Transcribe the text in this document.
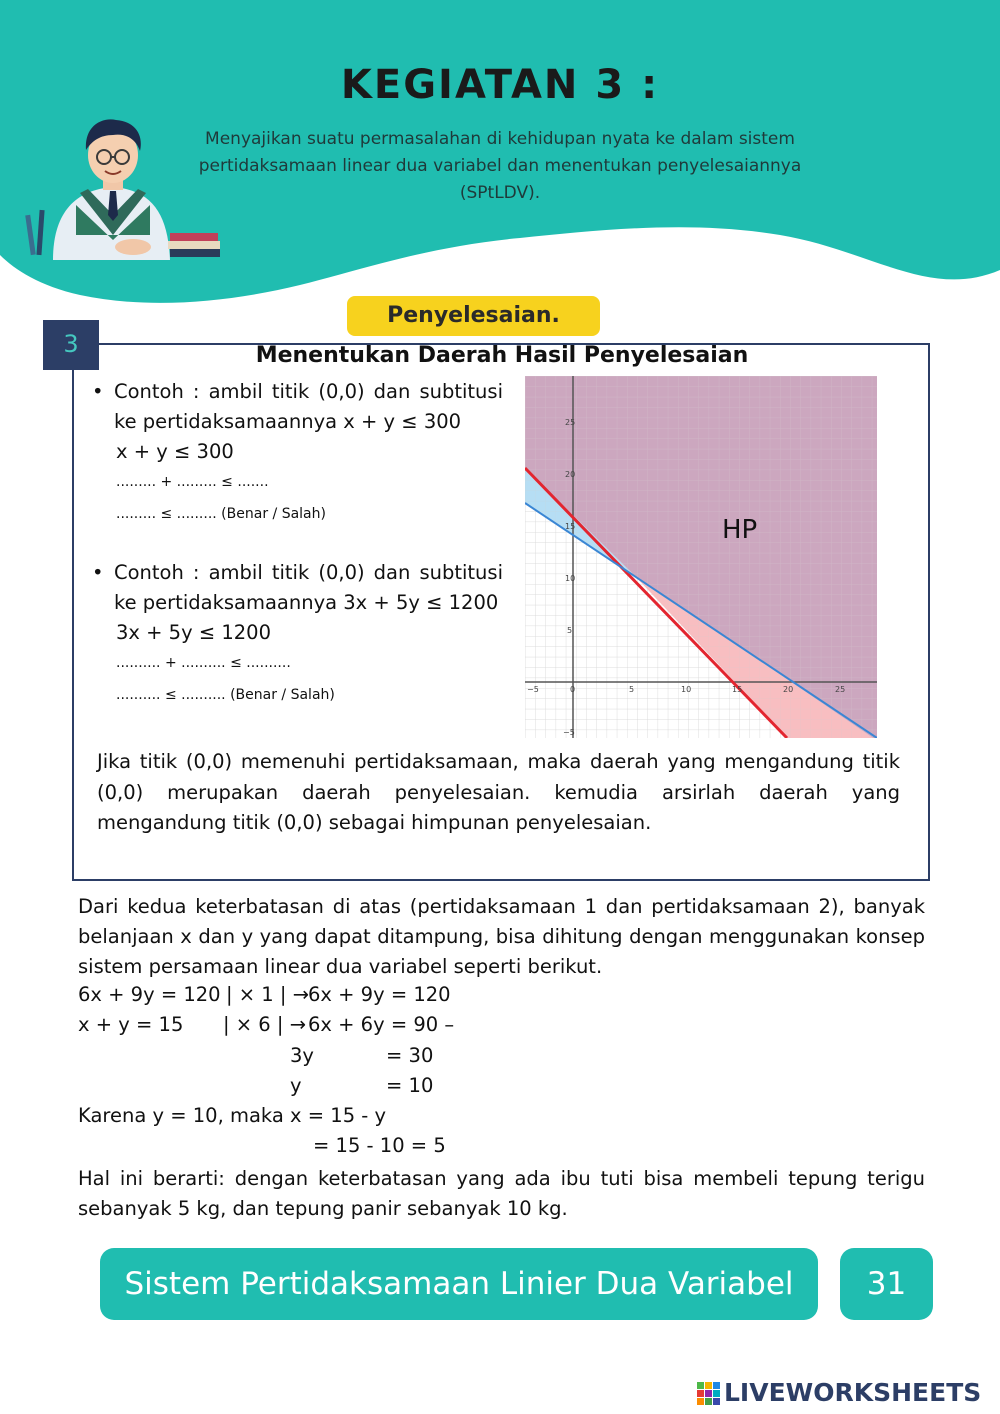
KEGIATAN 3 :
Menyajikan suatu permasalahan di kehidupan nyata ke dalam sistem pertidaksamaan linear dua variabel dan menentukan penyelesaiannya (SPtLDV).
Penyelesaian.
3	Menentukan Daerah Hasil Penyelesaian
• Contoh : ambil titik (0,0) dan subtitusi ke pertidaksamaannya x + y ≤ 300
x + y ≤ 300
......... + ......... ≤ .......
......... ≤ ......... (Benar / Salah)
• Contoh : ambil titik (0,0) dan subtitusi ke pertidaksamaannya 3x + 5y ≤ 1200
3x + 5y ≤ 1200
.......... + .......... ≤ ..........
.......... ≤ .......... (Benar / Salah)	−5	0	5	10	15	20	25
25
20
15
10
5
−5
HP
Jika titik (0,0) memenuhi pertidaksamaan, maka daerah yang mengandung titik (0,0) merupakan daerah penyelesaian. kemudia arsirlah daerah yang mengandung titik (0,0) sebagai himpunan penyelesaian.
Dari kedua keterbatasan di atas (pertidaksamaan 1 dan pertidaksamaan 2), banyak belanjaan x dan y yang dapat ditampung, bisa dihitung dengan menggunakan konsep sistem persamaan linear dua variabel seperti berikut.
6x + 9y = 120 | × 1 | →
6x + 9y = 120
x + y = 15 | × 6 | → 6x + 6y = 90 –
3y	= 30
y	= 10
Karena y = 10, maka x = 15 - y
= 15 - 10 = 5
Hal ini berarti: dengan keterbatasan yang ada ibu tuti bisa membeli tepung terigu sebanyak 5 kg, dan tepung panir sebanyak 10 kg.
Sistem Pertidaksamaan Linier Dua Variabel	31
LIVEWORKSHEETS
